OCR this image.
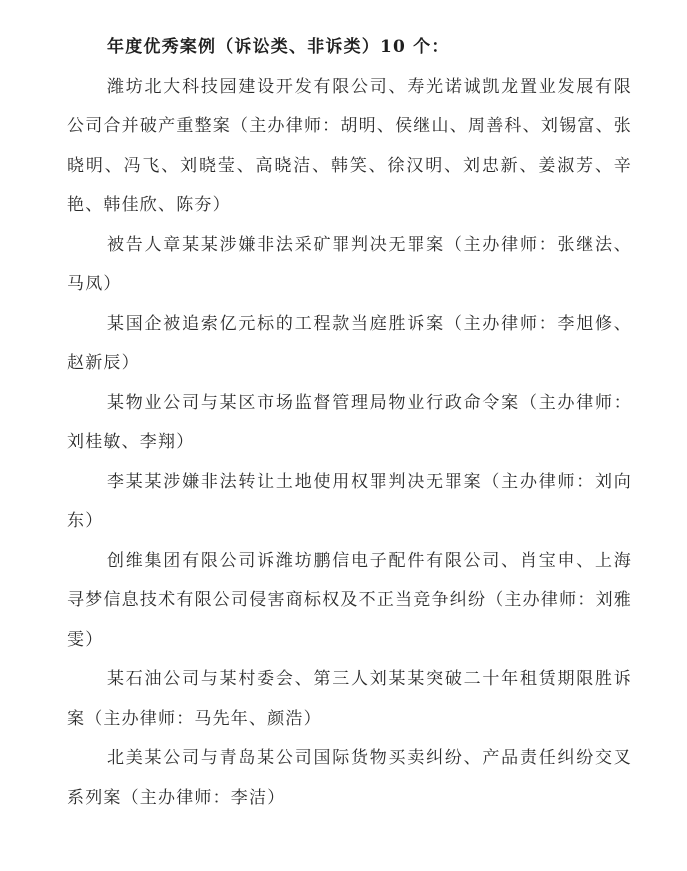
年度优秀案例（诉讼类、非诉类）10 个：

潍坊北大科技园建设开发有限公司、寿光诺诚凯龙置业发展有限公司合并破产重整案（主办律师：胡明、侯继山、周善科、刘锡富、张晓明、冯飞、刘晓莹、高晓洁、韩笑、徐汉明、刘忠新、姜淑芳、辛艳、韩佳欣、陈夯）

被告人章某某涉嫌非法采矿罪判决无罪案（主办律师：张继法、马凤）

某国企被追索亿元标的工程款当庭胜诉案（主办律师：李旭修、赵新辰）

某物业公司与某区市场监督管理局物业行政命令案（主办律师：刘桂敏、李翔）

李某某涉嫌非法转让土地使用权罪判决无罪案（主办律师：刘向东）

创维集团有限公司诉潍坊鹏信电子配件有限公司、肖宝申、上海寻梦信息技术有限公司侵害商标权及不正当竞争纠纷（主办律师：刘雅雯）

某石油公司与某村委会、第三人刘某某突破二十年租赁期限胜诉案（主办律师：马先年、颜浩）

北美某公司与青岛某公司国际货物买卖纠纷、产品责任纠纷交叉系列案（主办律师：李洁）
